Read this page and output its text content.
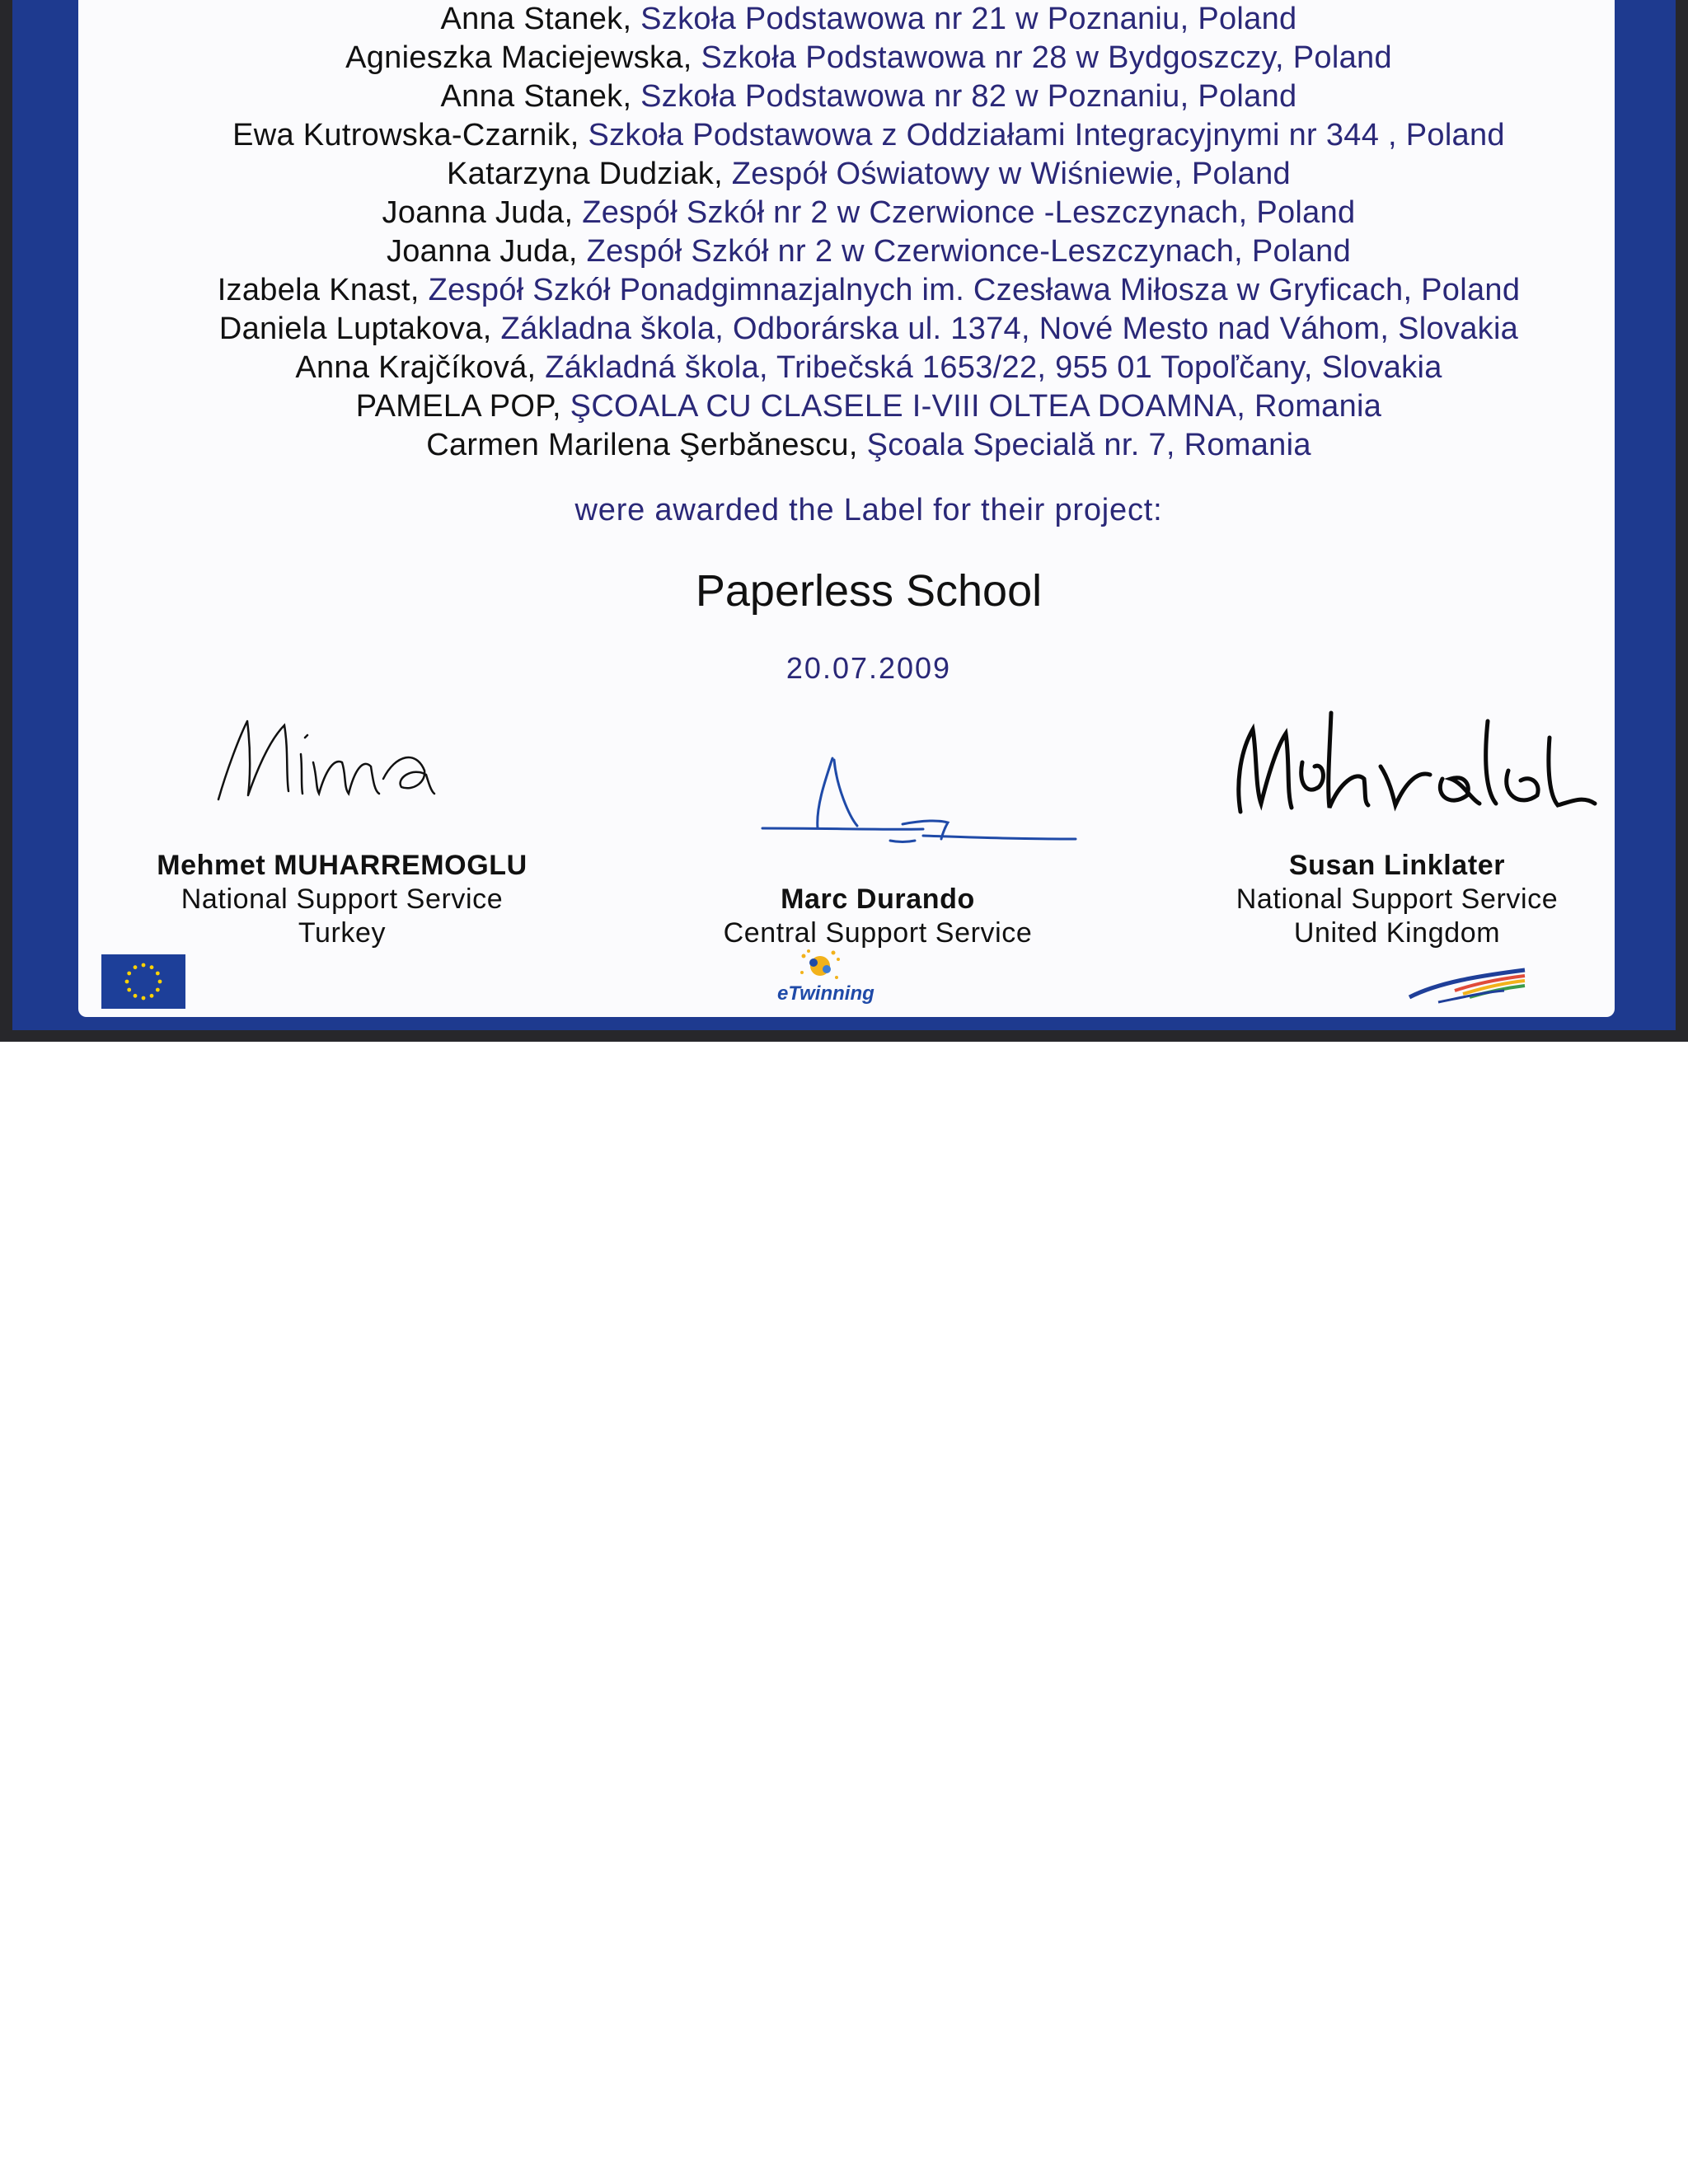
Anna Stanek, Szkoła Podstawowa nr 21 w Poznaniu, Poland
Agnieszka Maciejewska, Szkoła Podstawowa nr 28 w Bydgoszczy, Poland
Anna Stanek, Szkoła Podstawowa nr 82 w Poznaniu, Poland
Ewa Kutrowska-Czarnik, Szkoła Podstawowa z Oddziałami Integracyjnymi nr 344 , Poland
Katarzyna Dudziak, Zespół Oświatowy w Wiśniewie, Poland
Joanna Juda, Zespół Szkół nr 2 w Czerwionce -Leszczynach, Poland
Joanna Juda, Zespół Szkół nr 2 w Czerwionce-Leszczynach, Poland
Izabela Knast, Zespół Szkół Ponadgimnazjalnych im. Czesława Miłosza w Gryficach, Poland
Daniela Luptakova, Základna škola, Odborárska ul. 1374, Nové Mesto nad Váhom, Slovakia
Anna Krajčíková, Základná škola, Tribečská 1653/22, 955 01 Topoľčany, Slovakia
PAMELA POP, ŞCOALA CU CLASELE I-VIII OLTEA DOAMNA, Romania
Carmen Marilena Şerbănescu, Şcoala Specială nr. 7, Romania
were awarded the Label for their project:
Paperless School
20.07.2009
Mehmet MUHARREMOGLU
National Support Service
Turkey
Marc Durando
Central Support Service
Susan Linklater
National Support Service
United Kingdom
eTwinning
